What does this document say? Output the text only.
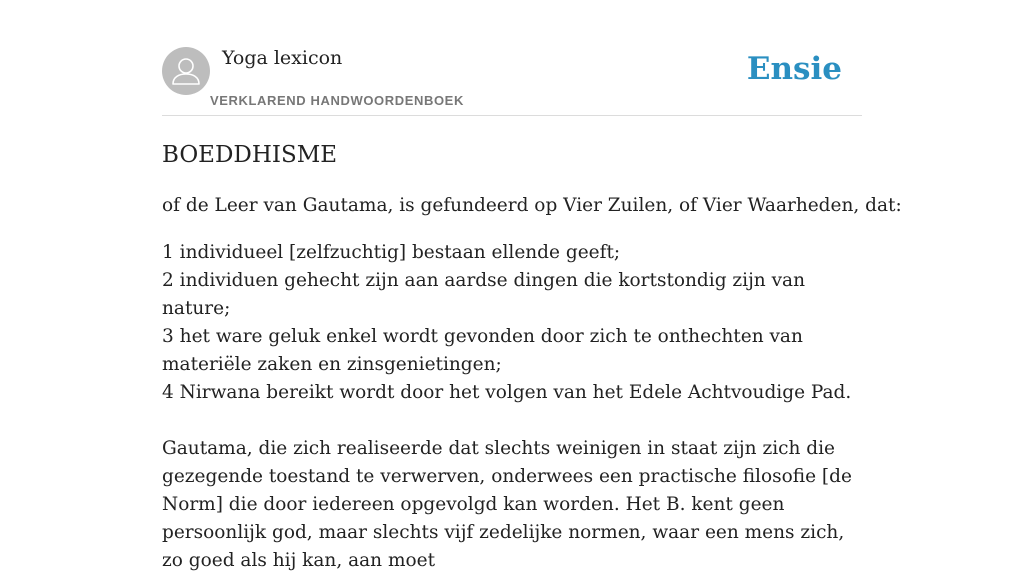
Yoga lexicon
VERKLAREND HANDWOORDENBOEK
Ensie
BOEDDHISME

of de Leer van Gautama, is gefundeerd op Vier Zuilen, of Vier Waarheden, dat:

1 individueel [zelfzuchtig] bestaan ellende geeft;

2 individuen gehecht zijn aan aardse dingen die kortstondig zijn van nature;

3 het ware geluk enkel wordt gevonden door zich te onthechten van materiële zaken en zinsgenietingen;

4 Nirwana bereikt wordt door het volgen van het Edele Achtvoudige Pad.

Gautama, die zich realiseerde dat slechts weinigen in staat zijn zich die gezegende toestand te verwerven, onderwees een practische filosofie [de Norm] die door iedereen opgevolgd kan worden. Het B. kent geen persoonlijk god, maar slechts vijf zedelijke normen, waar een mens zich, zo goed als hij kan, aan moet
